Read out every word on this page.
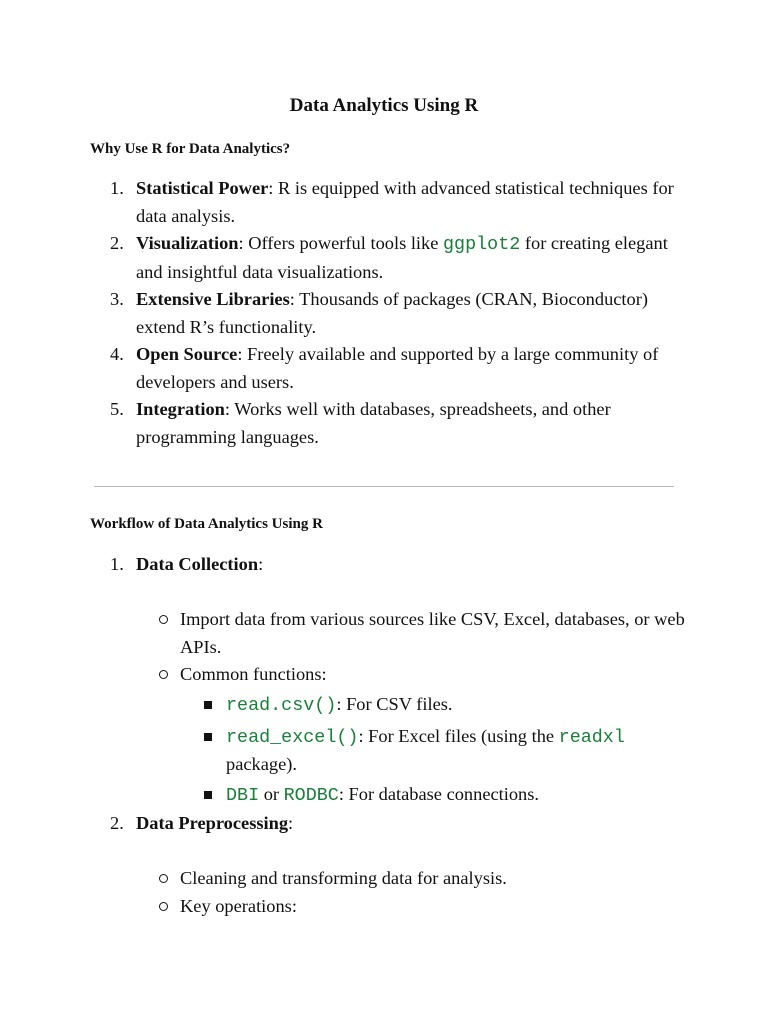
Data Analytics Using R
Why Use R for Data Analytics?
1. Statistical Power: R is equipped with advanced statistical techniques for data analysis.
2. Visualization: Offers powerful tools like ggplot2 for creating elegant and insightful data visualizations.
3. Extensive Libraries: Thousands of packages (CRAN, Bioconductor) extend R’s functionality.
4. Open Source: Freely available and supported by a large community of developers and users.
5. Integration: Works well with databases, spreadsheets, and other programming languages.
Workflow of Data Analytics Using R
1. Data Collection:
Import data from various sources like CSV, Excel, databases, or web APIs.
Common functions:
read.csv(): For CSV files.
read_excel(): For Excel files (using the readxl package).
DBI or RODBC: For database connections.
2. Data Preprocessing:
Cleaning and transforming data for analysis.
Key operations:
